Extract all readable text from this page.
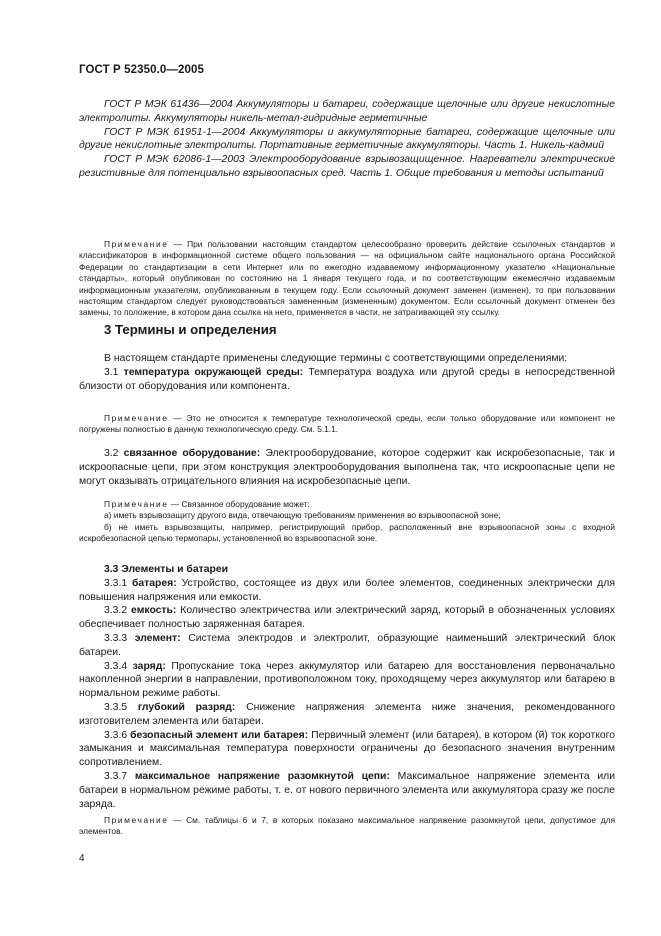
ГОСТ Р 52350.0—2005

ГОСТ Р МЭК 61436—2004 Аккумуляторы и батареи, содержащие щелочные или другие некислотные электролиты. Аккумуляторы никель-метал-гидридные герметичные

ГОСТ Р МЭК 61951-1—2004 Аккумуляторы и аккумуляторные батареи, содержащие щелочные или другие некислотные электролиты. Портативные герметичные аккумуляторы. Часть 1. Никель-кадмий

ГОСТ Р МЭК 62086-1—2003 Электрооборудование взрывозащищенное. Нагреватели электрические резистивные для потенциально взрывоопасных сред. Часть 1. Общие требования и методы испытаний

Примечание — При пользовании настоящим стандартом целесообразно проверить действие ссылочных стандартов и классификаторов в информационной системе общего пользования — на официальном сайте национального органа Российской Федерации по стандартизации в сети Интернет или по ежегодно издаваемому информационному указателю «Национальные стандарты», который опубликован по состоянию на 1 января текущего года, и по соответствующим ежемесячно издаваемым информационным указателям, опубликованным в текущем году. Если ссылочный документ заменен (изменен), то при пользовании настоящим стандартом следует руководствоваться замененным (измененным) документом. Если ссылочный документ отменен без замены, то положение, в котором дана ссылка на него, применяется в части, не затрагивающей эту ссылку.

3 Термины и определения

В настоящем стандарте применены следующие термины с соответствующими определениями:

3.1 температура окружающей среды: Температура воздуха или другой среды в непосредственной близости от оборудования или компонента.

Примечание — Это не относится к температуре технологической среды, если только оборудование или компонент не погружены полностью в данную технологическую среду. См. 5.1.1.

3.2 связанное оборудование: Электрооборудование, которое содержит как искробезопасные, так и искроопасные цепи, при этом конструкция электрооборудования выполнена так, что искроопасные цепи не могут оказывать отрицательного влияния на искробезопасные цепи.

Примечание — Связанное оборудование может:

а) иметь взрывозащиту другого вида, отвечающую требованиям применения во взрывоопасной зоне;

б) не иметь взрывозащиты, например, регистрирующий прибор, расположенный вне взрывоопасной зоны с входной искробезопасной цепью термопары, установленной во взрывоопасной зоне.

3.3 Элементы и батареи

3.3.1 батарея: Устройство, состоящее из двух или более элементов, соединенных электрически для повышения напряжения или емкости.

3.3.2 емкость: Количество электричества или электрический заряд, который в обозначенных условиях обеспечивает полностью заряженная батарея.

3.3.3 элемент: Система электродов и электролит, образующие наименьший электрический блок батареи.

3.3.4 заряд: Пропускание тока через аккумулятор или батарею для восстановления первоначально накопленной энергии в направлении, противоположном току, проходящему через аккумулятор или батарею в нормальном режиме работы.

3.3.5 глубокий разряд: Снижение напряжения элемента ниже значения, рекомендованного изготовителем элемента или батареи.

3.3.6 безопасный элемент или батарея: Первичный элемент (или батарея), в котором (й) ток короткого замыкания и максимальная температура поверхности ограничены до безопасного значения внутренним сопротивлением.

3.3.7 максимальное напряжение разомкнутой цепи: Максимальное напряжение элемента или батареи в нормальном режиме работы, т. е. от нового первичного элемента или аккумулятора сразу же после заряда.

Примечание — См. таблицы 6 и 7, в которых показано максимальное напряжение разомкнутой цепи, допустимое для элементов.

4
